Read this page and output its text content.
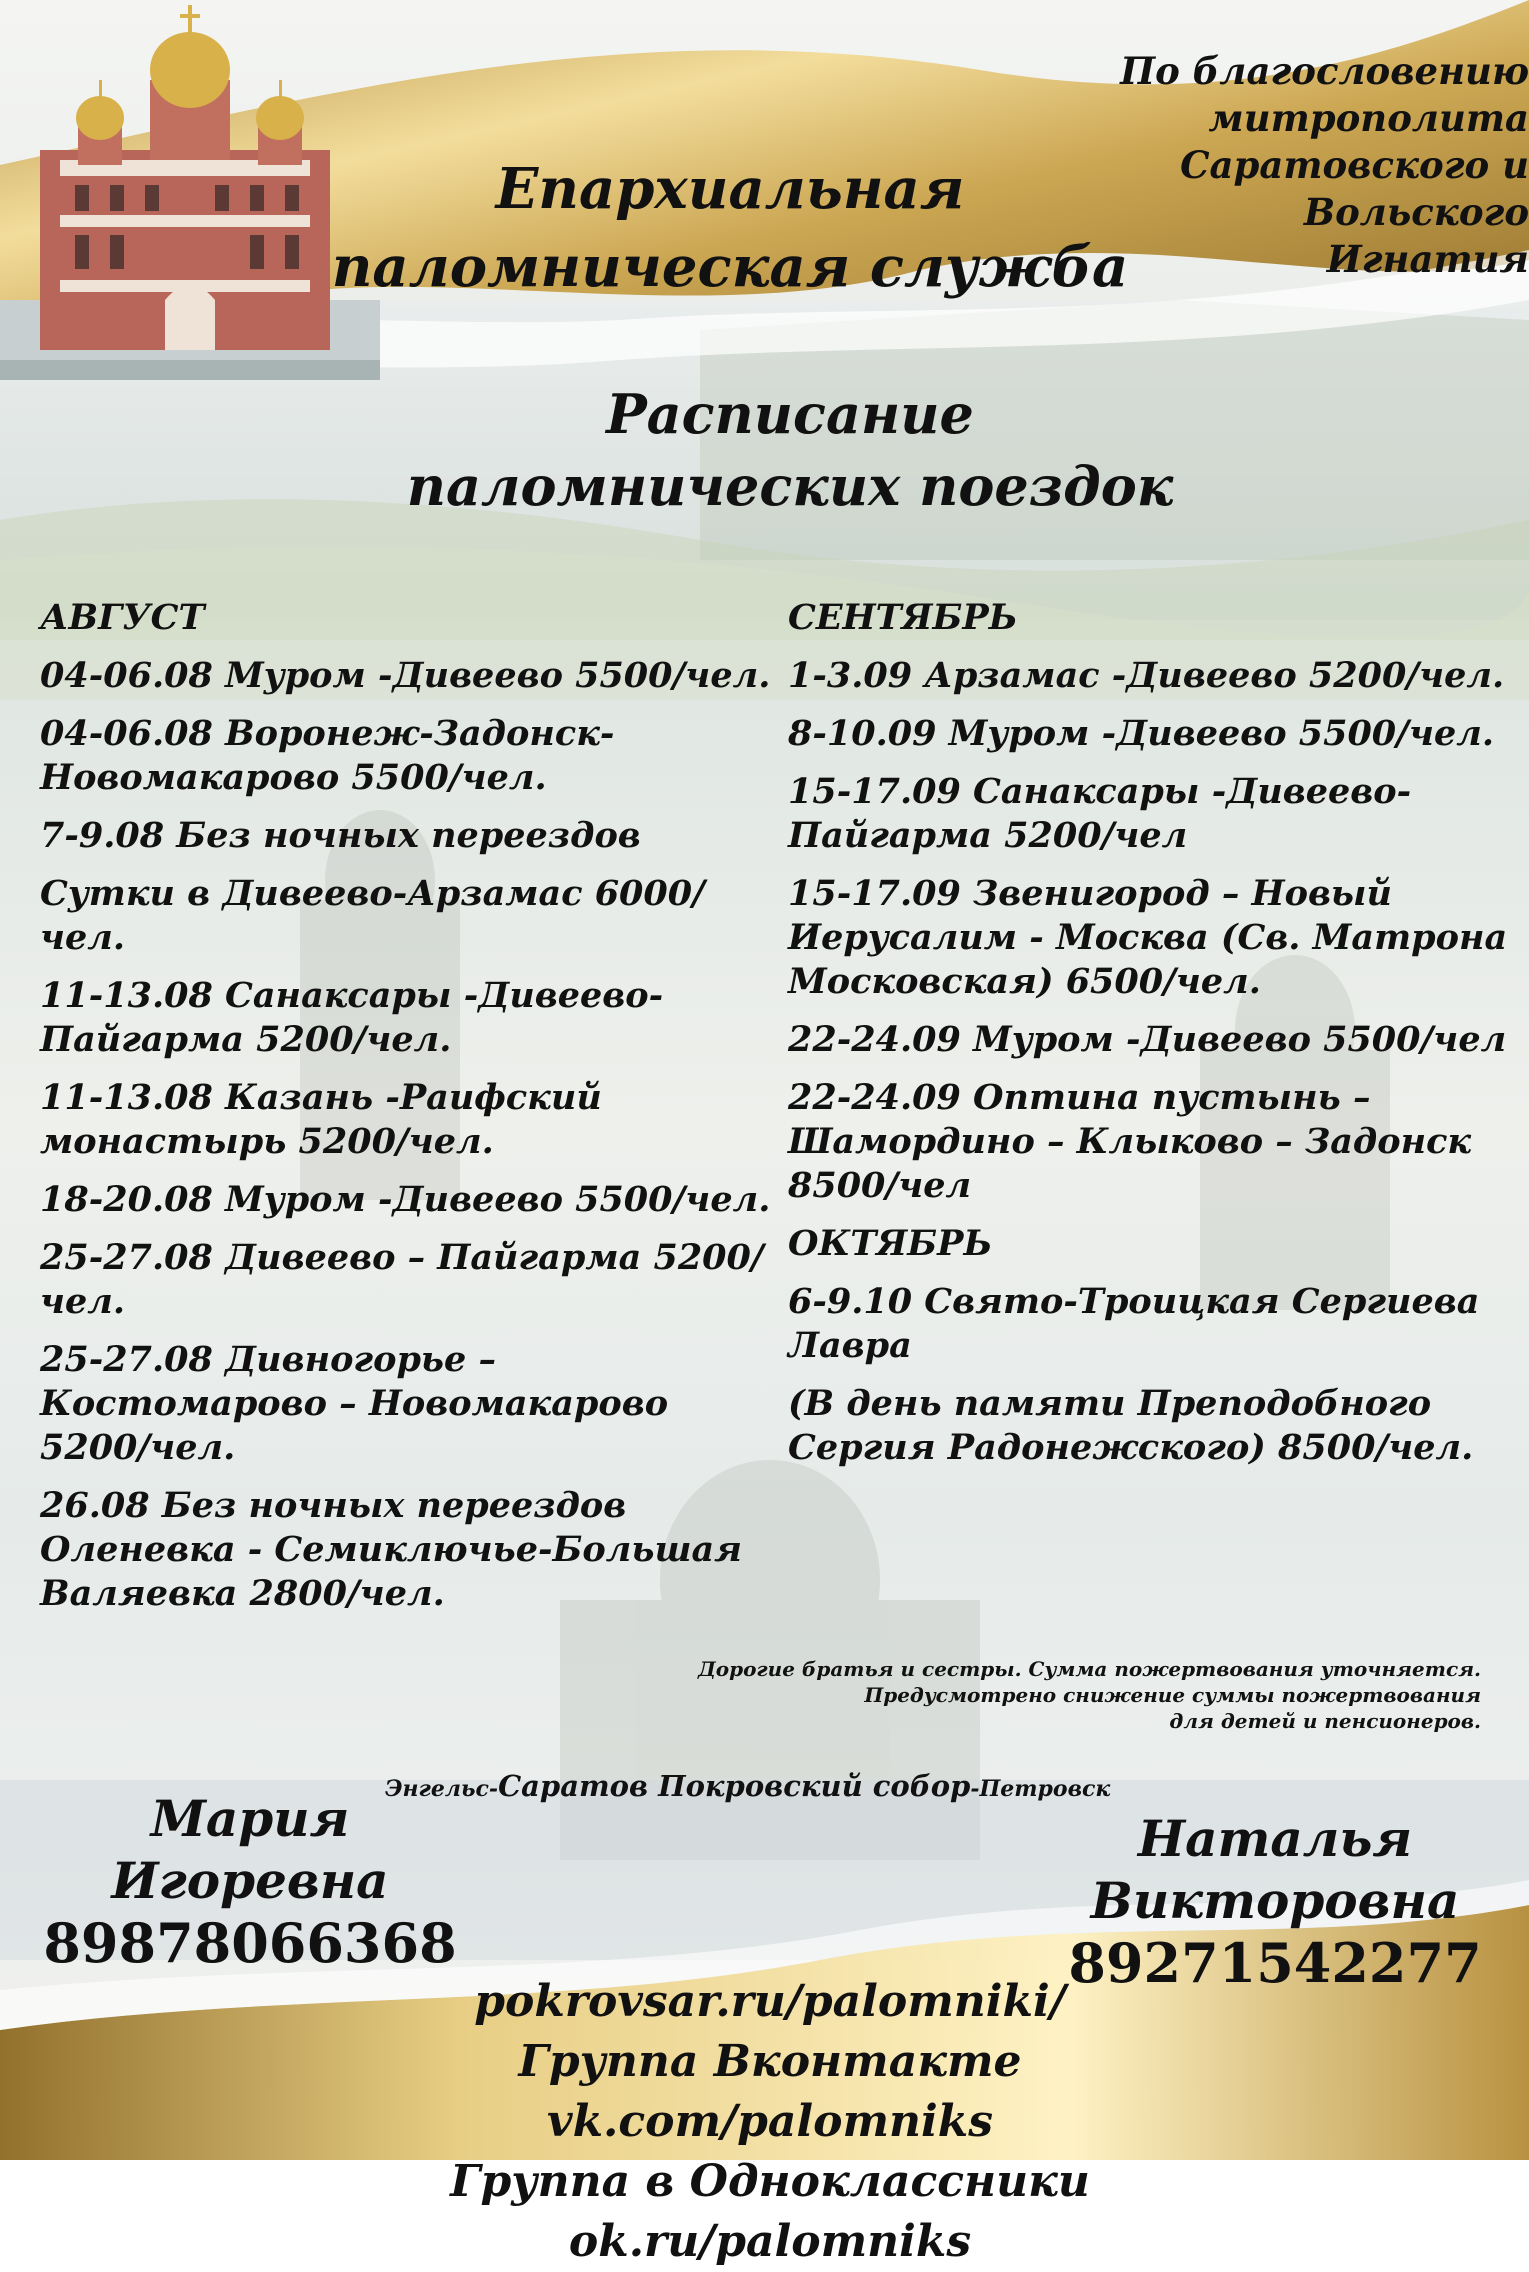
Епархиальная
паломническая служба
По благословению
митрополита
Саратовского и Вольского
Игнатия
Расписание
паломнических поездок
АВГУСТ
04-06.08 Муром -Дивеево 5500/чел.
04-06.08 Воронеж-Задонск-Новомакарово 5500/чел.
7-9.08 Без ночных переездов
Сутки в Дивеево-Арзамас 6000/чел.
11-13.08 Санаксары -Дивеево-Пайгарма 5200/чел.
11-13.08 Казань -Раифский монастырь 5200/чел.
18-20.08 Муром -Дивеево 5500/чел.
25-27.08 Дивеево – Пайгарма 5200/чел.
25-27.08 Дивногорье – Костомарово – Новомакарово 5200/чел.
26.08 Без ночных переездов Оленевка - Семиключье-Большая Валяевка 2800/чел.
СЕНТЯБРЬ
1-3.09 Арзамас -Дивеево 5200/чел.
8-10.09 Муром -Дивеево 5500/чел.
15-17.09 Санаксары -Дивеево-Пайгарма 5200/чел
15-17.09 Звенигород – Новый Иерусалим - Москва (Св. Матрона Московская) 6500/чел.
22-24.09 Муром -Дивеево 5500/чел
22-24.09 Оптина пустынь – Шамордино – Клыково – Задонск 8500/чел
ОКТЯБРЬ
6-9.10 Свято-Троицкая Сергиева Лавра
(В день памяти Преподобного Сергия Радонежского) 8500/чел.
Дорогие братья и сестры. Сумма пожертвования уточняется.
Предусмотрено снижение суммы пожертвования
для детей и пенсионеров.
Энгельс-Саратов Покровский собор-Петровск
Мария
Игоревна
89878066368
Наталья
Викторовна
89271542277
pokrovsar.ru/palomniki/
Группа Вконтакте vk.com/palomniks
Группа в Одноклассники ok.ru/palomniks
